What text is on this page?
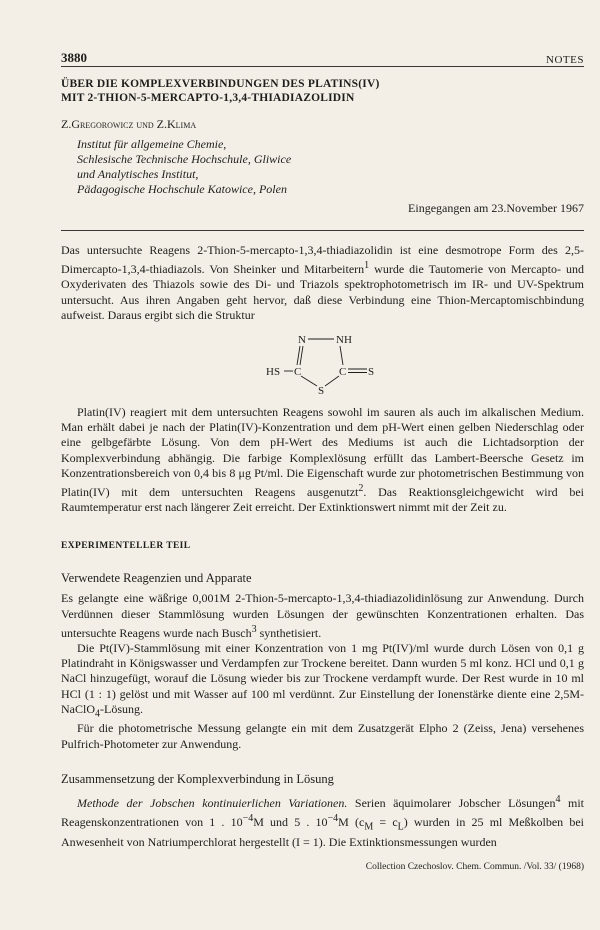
3880	NOTES
ÜBER DIE KOMPLEXVERBINDUNGEN DES PLATINS(IV)
MIT 2-THION-5-MERCAPTO-1,3,4-THIADIAZOLIDIN
Z.Gregorowicz und Z.Klima
Institut für allgemeine Chemie,
Schlesische Technische Hochschule, Gliwice
und Analytisches Institut,
Pädagogische Hochschule Katowice, Polen
Eingegangen am 23.November 1967

Das untersuchte Reagens 2-Thion-5-mercapto-1,3,4-thiadiazolidin ist eine desmotrope Form des 2,5-Dimercapto-1,3,4-thiadiazols. Von Sheinker und Mitarbeitern$^1$ wurde die Tautomerie von Mercapto- und Oxyderivaten des Thiazols sowie des Di- und Triazols spektrophotometrisch im IR- und UV-Spektrum untersucht. Aus ihren Angaben geht hervor, daß diese Verbindung eine Thion-Mercaptomischbindung aufweist. Daraus ergibt sich die Struktur

N	NH
HS C	C S
S

Platin(IV) reagiert mit dem untersuchten Reagens sowohl im sauren als auch im alkalischen Medium. Man erhält dabei je nach der Platin(IV)-Konzentration und dem pH-Wert einen gelben Niederschlag oder eine gelbgefärbte Lösung. Von dem pH-Wert des Mediums ist auch die Lichtadsorption der Komplexverbindung abhängig. Die farbige Komplexlösung erfüllt das Lambert-Beersche Gesetz im Konzentrationsbereich von 0,4 bis 8 μg Pt/ml. Die Eigenschaft wurde zur photometrischen Bestimmung von Platin(IV) mit dem untersuchten Reagens ausgenutzt$^2$. Das Reaktionsgleichgewicht wird bei Raumtemperatur erst nach längerer Zeit erreicht. Der Extinktionswert nimmt mit der Zeit zu.

EXPERIMENTELLER TEIL
Verwendete Reagenzien und Apparate

Es gelangte eine wäßrige 0,001M 2-Thion-5-mercapto-1,3,4-thiadiazolidinlösung zur Anwendung. Durch Verdünnen dieser Stammlösung wurden Lösungen der gewünschten Konzentrationen erhalten. Das untersuchte Reagens wurde nach Busch$^3$ synthetisiert.

Die Pt(IV)-Stammlösung mit einer Konzentration von 1 mg Pt(IV)/ml wurde durch Lösen von 0,1 g Platindraht in Königswasser und Verdampfen zur Trockene bereitet. Dann wurden 5 ml konz. HCl und 0,1 g NaCl hinzugefügt, worauf die Lösung wieder bis zur Trockene verdampft wurde. Der Rest wurde in 10 ml HCl (1 : 1) gelöst und mit Wasser auf 100 ml verdünnt. Zur Einstellung der Ionenstärke diente eine 2,5M-NaClO$_4$-Lösung.

Für die photometrische Messung gelangte ein mit dem Zusatzgerät Elpho 2 (Zeiss, Jena) versehenes Pulfrich-Photometer zur Anwendung.

Zusammensetzung der Komplexverbindung in Lösung

Methode der Jobschen kontinuierlichen Variationen. Serien äquimolarer Jobscher Lösungen$^4$ mit Reagenskonzentrationen von 1 . $10^{-4}M$ und 5 . $10^{-4}M$ $(c_M = c_L)$ wurden in 25 ml Meßkolben bei Anwesenheit von Natriumperchlorat hergestellt (I = 1). Die Extinktionsmessungen wurden

Collection Czechoslov. Chem. Commun. /Vol. 33/ (1968)
